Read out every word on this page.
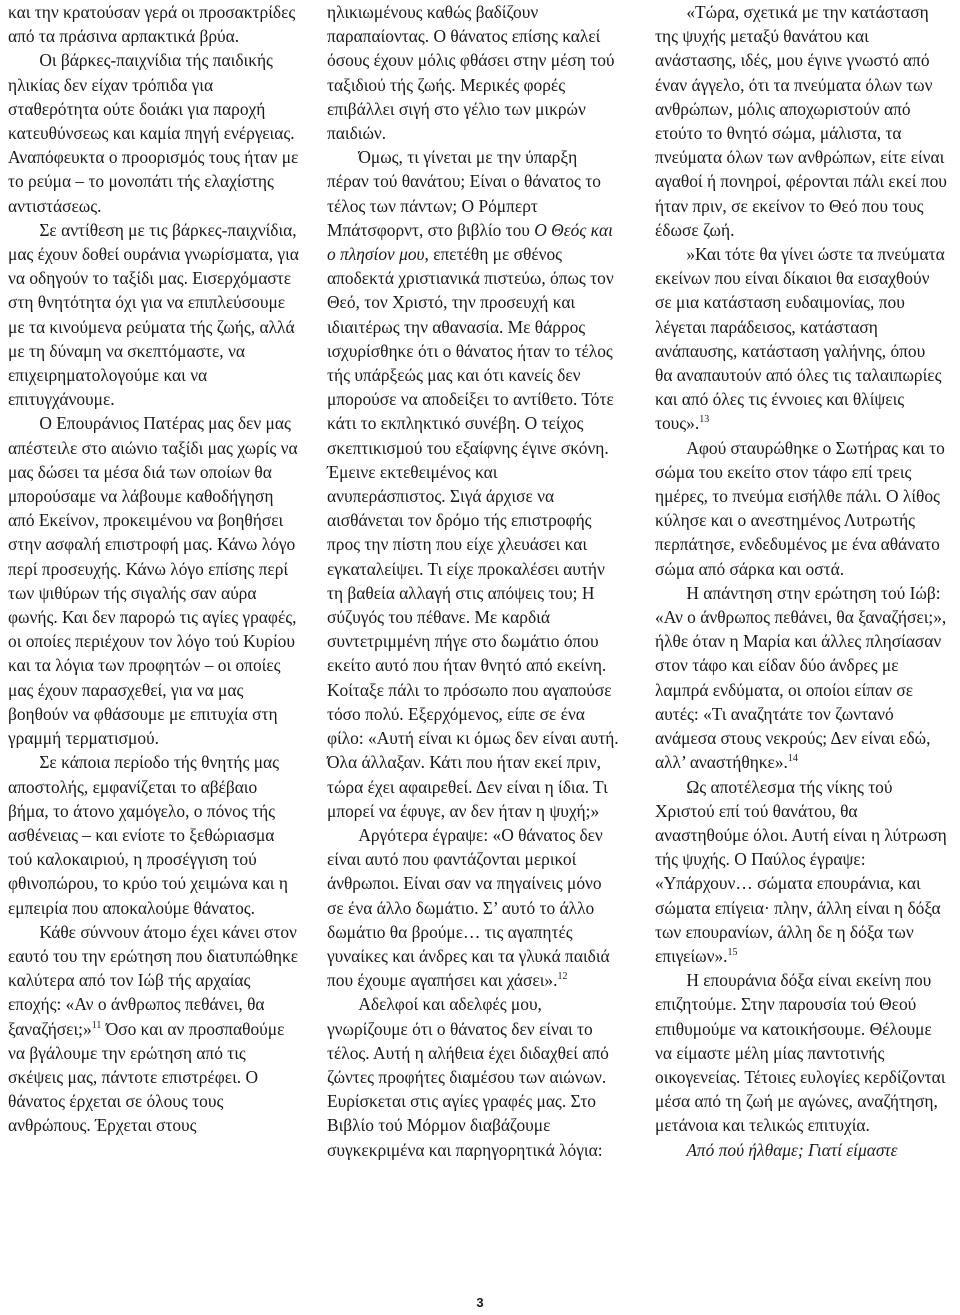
και την κρατούσαν γερά οι προσακτρίδες από τα πράσινα αρπακτικά βρύα.

Οι βάρκες-παιχνίδια τής παιδικής ηλικίας δεν είχαν τρόπιδα για σταθερότητα ούτε δοιάκι για παροχή κατευθύνσεως και καμία πηγή ενέργειας. Αναπόφευκτα ο προορισμός τους ήταν με το ρεύμα – το μονοπάτι τής ελαχίστης αντιστάσεως.

Σε αντίθεση με τις βάρκες-παιχνίδια, μας έχουν δοθεί ουράνια γνωρίσματα, για να οδηγούν το ταξίδι μας. Εισερχόμαστε στη θνητότητα όχι για να επιπλεύσουμε με τα κινούμενα ρεύματα τής ζωής, αλλά με τη δύναμη να σκεπτόμαστε, να επιχειρηματολογούμε και να επιτυγχάνουμε.

Ο Επουράνιος Πατέρας μας δεν μας απέστειλε στο αιώνιο ταξίδι μας χωρίς να μας δώσει τα μέσα διά των οποίων θα μπορούσαμε να λάβουμε καθοδήγηση από Εκείνον, προκειμένου να βοηθήσει στην ασφαλή επιστροφή μας. Κάνω λόγο περί προσευχής. Κάνω λόγο επίσης περί των ψιθύρων τής σιγαλής σαν αύρα φωνής. Και δεν παρορώ τις αγίες γραφές, οι οποίες περιέχουν τον λόγο τού Κυρίου και τα λόγια των προφητών – οι οποίες μας έχουν παρασχεθεί, για να μας βοηθούν να φθάσουμε με επιτυχία στη γραμμή τερματισμού.

Σε κάποια περίοδο τής θνητής μας αποστολής, εμφανίζεται το αβέβαιο βήμα, το άτονο χαμόγελο, ο πόνος τής ασθένειας – και ενίοτε το ξεθώριασμα τού καλοκαιριού, η προσέγγιση τού φθινοπώρου, το κρύο τού χειμώνα και η εμπειρία που αποκαλούμε θάνατος.

Κάθε σύννουν άτομο έχει κάνει στον εαυτό του την ερώτηση που διατυπώθηκε καλύτερα από τον Ιώβ τής αρχαίας εποχής: «Αν ο άνθρωπος πεθάνει, θα ξαναζήσει;»$^{11}$ Όσο και αν προσπαθούμε να βγάλουμε την ερώτηση από τις σκέψεις μας, πάντοτε επιστρέφει. Ο θάνατος έρχεται σε όλους τους ανθρώπους. Έρχεται στους

ηλικιωμένους καθώς βαδίζουν παραπαίοντας. Ο θάνατος επίσης καλεί όσους έχουν μόλις φθάσει στην μέση τού ταξιδιού τής ζωής. Μερικές φορές επιβάλλει σιγή στο γέλιο των μικρών παιδιών.

Όμως, τι γίνεται με την ύπαρξη πέραν τού θανάτου; Είναι ο θάνατος το τέλος των πάντων; Ο Ρόμπερτ Μπάτσφορντ, στο βιβλίο του Ο Θεός και ο πλησίον μου, επετέθη με σθένος αποδεκτά χριστιανικά πιστεύω, όπως τον Θεό, τον Χριστό, την προσευχή και ιδιαιτέρως την αθανασία. Με θάρρος ισχυρίσθηκε ότι ο θάνατος ήταν το τέλος τής υπάρξεώς μας και ότι κανείς δεν μπορούσε να αποδείξει το αντίθετο. Τότε κάτι το εκπληκτικό συνέβη. Ο τείχος σκεπτικισμού του εξαίφνης έγινε σκόνη. Έμεινε εκτεθειμένος και ανυπεράσπιστος. Σιγά άρχισε να αισθάνεται τον δρόμο τής επιστροφής προς την πίστη που είχε χλευάσει και εγκαταλείψει. Τι είχε προκαλέσει αυτήν τη βαθεία αλλαγή στις απόψεις του; Η σύζυγός του πέθανε. Με καρδιά συντετριμμένη πήγε στο δωμάτιο όπου εκείτο αυτό που ήταν θνητό από εκείνη. Κοίταξε πάλι το πρόσωπο που αγαπούσε τόσο πολύ. Εξερχόμενος, είπε σε ένα φίλο: «Αυτή είναι κι όμως δεν είναι αυτή. Όλα άλλαξαν. Κάτι που ήταν εκεί πριν, τώρα έχει αφαιρεθεί. Δεν είναι η ίδια. Τι μπορεί να έφυγε, αν δεν ήταν η ψυχή;»

Αργότερα έγραψε: «Ο θάνατος δεν είναι αυτό που φαντάζονται μερικοί άνθρωποι. Είναι σαν να πηγαίνεις μόνο σε ένα άλλο δωμάτιο. Σ’ αυτό το άλλο δωμάτιο θα βρούμε… τις αγαπητές γυναίκες και άνδρες και τα γλυκά παιδιά που έχουμε αγαπήσει και χάσει».$^{12}$

Αδελφοί και αδελφές μου, γνωρίζουμε ότι ο θάνατος δεν είναι το τέλος. Αυτή η αλήθεια έχει διδαχθεί από ζώντες προφήτες διαμέσου των αιώνων. Ευρίσκεται στις αγίες γραφές μας. Στο Βιβλίο τού Μόρμον διαβάζουμε συγκεκριμένα και παρηγορητικά λόγια:

«Τώρα, σχετικά με την κατάσταση της ψυχής μεταξύ θανάτου και ανάστασης, ιδές, μου έγινε γνωστό από έναν άγγελο, ότι τα πνεύματα όλων των ανθρώπων, μόλις αποχωριστούν από ετούτο το θνητό σώμα, μάλιστα, τα πνεύματα όλων των ανθρώπων, είτε είναι αγαθοί ή πονηροί, φέρονται πάλι εκεί που ήταν πριν, σε εκείνον το Θεό που τους έδωσε ζωή.

»Και τότε θα γίνει ώστε τα πνεύματα εκείνων που είναι δίκαιοι θα εισαχθούν σε μια κατάσταση ευδαιμονίας, που λέγεται παράδεισος, κατάσταση ανάπαυσης, κατάσταση γαλήνης, όπου θα αναπαυτούν από όλες τις ταλαιπωρίες και από όλες τις έννοιες και θλίψεις τους».$^{13}$

Αφού σταυρώθηκε ο Σωτήρας και το σώμα του εκείτο στον τάφο επί τρεις ημέρες, το πνεύμα εισήλθε πάλι. Ο λίθος κύλησε και ο ανεστημένος Λυτρωτής περπάτησε, ενδεδυμένος με ένα αθάνατο σώμα από σάρκα και οστά.

Η απάντηση στην ερώτηση τού Ιώβ: «Αν ο άνθρωπος πεθάνει, θα ξαναζήσει;», ήλθε όταν η Μαρία και άλλες πλησίασαν στον τάφο και είδαν δύο άνδρες με λαμπρά ενδύματα, οι οποίοι είπαν σε αυτές: «Τι αναζητάτε τον ζωντανό ανάμεσα στους νεκρούς; Δεν είναι εδώ, αλλ’ αναστήθηκε».$^{14}$

Ως αποτέλεσμα τής νίκης τού Χριστού επί τού θανάτου, θα αναστηθούμε όλοι. Αυτή είναι η λύτρωση τής ψυχής. Ο Παύλος έγραψε: «Υπάρχουν… σώματα επουράνια, και σώματα επίγεια· πλην, άλλη είναι η δόξα των επουρανίων, άλλη δε η δόξα των επιγείων».$^{15}$

Η επουράνια δόξα είναι εκείνη που επιζητούμε. Στην παρουσία τού Θεού επιθυμούμε να κατοικήσουμε. Θέλουμε να είμαστε μέλη μίας παντοτινής οικογενείας. Τέτοιες ευλογίες κερδίζονται μέσα από τη ζωή με αγώνες, αναζήτηση, μετάνοια και τελικώς επιτυχία.

Από πού ήλθαμε; Γιατί είμαστε

3
